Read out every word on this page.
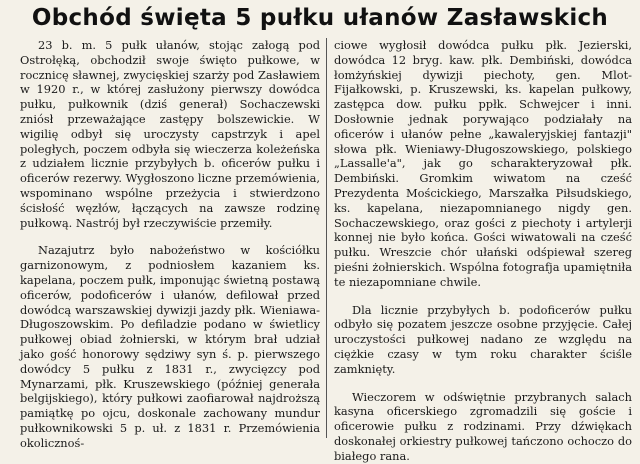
Obchód święta 5 pułku ułanów Zasławskich

23 b. m. 5 pułk ułanów, stojąc załogą pod Ostrołęką, obchodził swoje święto pułkowe, w rocznicę sławnej, zwycięskiej szarży pod Zasławiem w 1920 r., w której zasłużony pierwszy dowódca pułku, pułkownik (dziś generał) Sochaczewski zniósł przeważające zastępy bolszewickie. W wigilię odbył się uroczysty capstrzyk i apel poległych, poczem odbyła się wieczerza koleżeńska z udziałem licznie przybyłych b. oficerów pułku i oficerów rezerwy. Wygłoszono liczne przemówienia, wspominano wspólne przeżycia i stwierdzono ścisłość węzłów, łączących na zawsze rodzinę pułkową. Nastrój był rzeczywiście przemiły.

Nazajutrz było nabożeństwo w kościółku garnizonowym, z podniosłem kazaniem ks. kapelana, poczem pułk, imponując świetną postawą oficerów, podoficerów i ułanów, defilował przed dowódcą warszawskiej dywizji jazdy płk. Wieniawa-Długoszowskim. Po defiladzie podano w świetlicy pułkowej obiad żołnierski, w którym brał udział jako gość honorowy sędziwy syn ś. p. pierwszego dowódcy 5 pułku z 1831 r., zwycięzcy pod Mynarzami, płk. Kruszewskiego (później generała belgijskiego), który pułkowi zaofiarował najdroższą pamiątkę po ojcu, doskonale zachowany mundur pułkownikowski 5 p. uł. z 1831 r. Przemówienia okolicznoś-

ciowe wygłosił dowódca pułku płk. Jezierski, dowódca 12 bryg. kaw. płk. Dembiński, dowódca łomżyńskiej dywizji piechoty, gen. Mlot-Fijałkowski, p. Kruszewski, ks. kapelan pułkowy, zastępca dow. pułku ppłk. Schwejcer i inni. Dosłownie jednak porywająco podziałały na oficerów i ułanów pełne „kawaleryjskiej fantazji" słowa płk. Wieniawy-Długoszowskiego, polskiego „Lassalle'a", jak go scharakteryzował płk. Dembiński. Gromkim wiwatom na cześć Prezydenta Mościckiego, Marszałka Piłsudskiego, ks. kapelana, niezapomnianego nigdy gen. Sochaczewskiego, oraz gości z piechoty i artylerji konnej nie było końca. Gości wiwatowali na cześć pułku. Wreszcie chór ułański odśpiewał szereg pieśni żołnierskich. Wspólna fotografja upamiętniła te niezapomniane chwile.

Dla licznie przybyłych b. podoficerów pułku odbyło się pozatem jeszcze osobne przyjęcie. Całej uroczystości pułkowej nadano ze względu na ciężkie czasy w tym roku charakter ściśle zamknięty.

Wieczorem w odświętnie przybranych salach kasyna oficerskiego zgromadzili się goście i oficerowie pułku z rodzinami. Przy dźwiękach doskonałej orkiestry pułkowej tańczono ochoczo do białego rana.
